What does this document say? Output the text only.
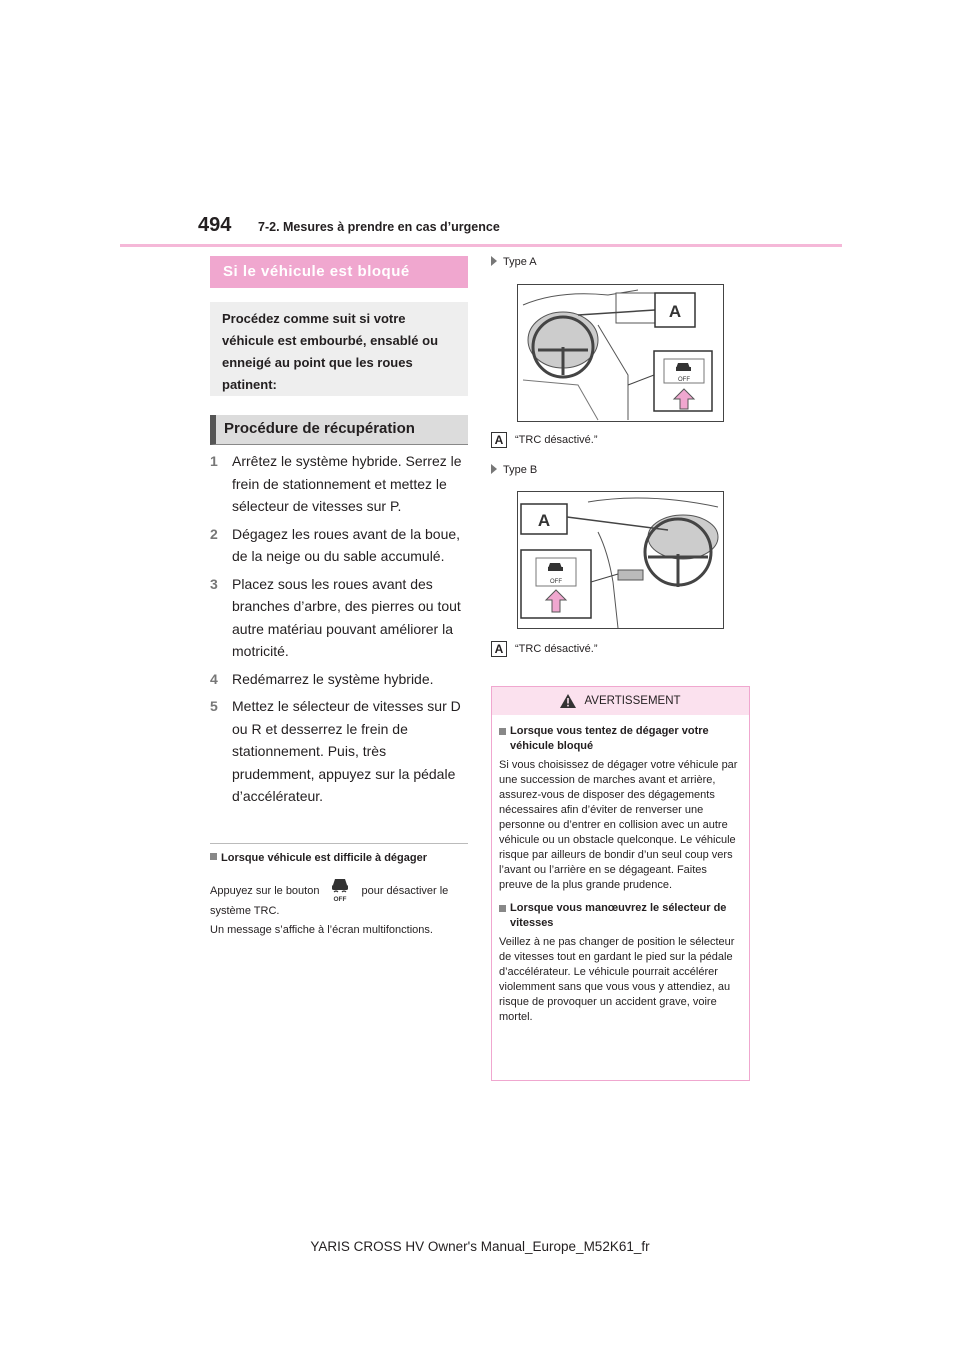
494 7-2. Mesures à prendre en cas d’urgence
Si le véhicule est bloqué
Procédez comme suit si votre véhicule est embourbé, ensablé ou enneigé au point que les roues patinent:
Procédure de récupération
1	Arrêtez le système hybride. Serrez le frein de stationnement et mettez le sélecteur de vitesses sur P.
2	Dégagez les roues avant de la boue, de la neige ou du sable accumulé.
3	Placez sous les roues avant des branches d’arbre, des pierres ou tout autre matériau pouvant améliorer la motricité.
4	Redémarrez le système hybride.
5	Mettez le sélecteur de vitesses sur D ou R et desserrez le frein de stationnement. Puis, très prudemment, appuyez sur la pédale d’accélérateur.
Lorsque véhicule est difficile à dégager
Appuyez sur le bouton
OFF
pour désactiver le système TRC.
Un message s’affiche à l’écran multifonctions.
Type A
A
OFF
A	“TRC désactivé.”
Type B
A
OFF
A	“TRC désactivé.”
AVERTISSEMENT
Lorsque vous tentez de dégager votre véhicule bloqué
Si vous choisissez de dégager votre véhicule par une succession de marches avant et arrière, assurez-vous de disposer des dégagements nécessaires afin d’éviter de renverser une personne ou d’entrer en collision avec un autre véhicule ou un obstacle quelconque. Le véhicule risque par ailleurs de bondir d’un seul coup vers l’avant ou l’arrière en se dégageant. Faites preuve de la plus grande prudence.
Lorsque vous manœuvrez le sélecteur de vitesses
Veillez à ne pas changer de position le sélecteur de vitesses tout en gardant le pied sur la pédale d’accélérateur. Le véhicule pourrait accélérer violemment sans que vous vous y attendiez, au risque de provoquer un accident grave, voire mortel.
YARIS CROSS HV Owner's Manual_Europe_M52K61_fr
